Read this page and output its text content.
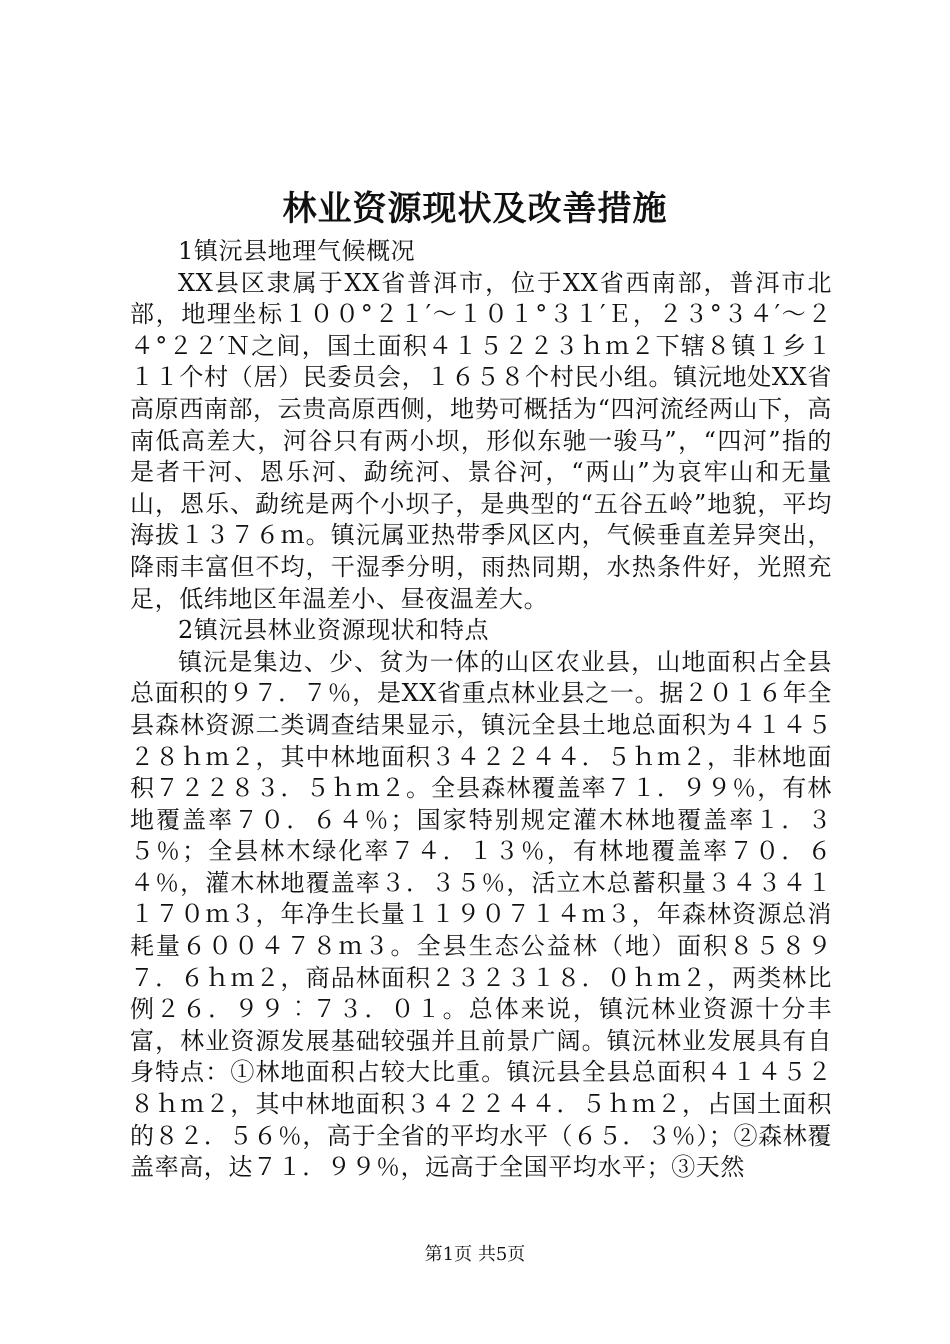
林业资源现状及改善措施

1镇沅县地理气候概况

XX县区隶属于XX省普洱市，位于XX省西南部，普洱市北部，地理坐标１００°２１′～１０１°３１′Ｅ，２３°３４′～２４°２２′Ｎ之间，国土面积４１５２２３ｈｍ２下辖８镇１乡１１１个村（居）民委员会，１６５８个村民小组。镇沅地处XX省高原西南部，云贵高原西侧，地势可概括为“四河流经两山下，高南低高差大，河谷只有两小坝，形似东驰一骏马”，“四河”指的是者干河、恩乐河、勐统河、景谷河，“两山”为哀牢山和无量山，恩乐、勐统是两个小坝子，是典型的“五谷五岭”地貌，平均海拔１３７６ｍ。镇沅属亚热带季风区内，气候垂直差异突出，降雨丰富但不均，干湿季分明，雨热同期，水热条件好，光照充足，低纬地区年温差小、昼夜温差大。

2镇沅县林业资源现状和特点

镇沅是集边、少、贫为一体的山区农业县，山地面积占全县总面积的９７．７％，是XX省重点林业县之一。据２０１６年全县森林资源二类调查结果显示，镇沅全县土地总面积为４１４５２８ｈｍ２，其中林地面积３４２２４４．５ｈｍ２，非林地面积７２２８３．５ｈｍ２。全县森林覆盖率７１．９９％，有林地覆盖率７０．６４％；国家特别规定灌木林地覆盖率１．３５％；全县林木绿化率７４．１３％，有林地覆盖率７０．６４％，灌木林地覆盖率３．３５％，活立木总蓄积量３４３４１１７０ｍ３，年净生长量１１９０７１４ｍ３，年森林资源总消耗量６００４７８ｍ３。全县生态公益林（地）面积８５８９７．６ｈｍ２，商品林面积２３２３１８．０ｈｍ２，两类林比例２６．９９︰７３．０１。总体来说，镇沅林业资源十分丰富，林业资源发展基础较强并且前景广阔。镇沅林业发展具有自身特点：①林地面积占较大比重。镇沅县全县总面积４１４５２８ｈｍ２，其中林地面积３４２２４４．５ｈｍ２，占国土面积的８２．５６％，高于全省的平均水平（６５．３％）；②森林覆盖率高，达７１．９９％，远高于全国平均水平；③天然

第1页 共5页
